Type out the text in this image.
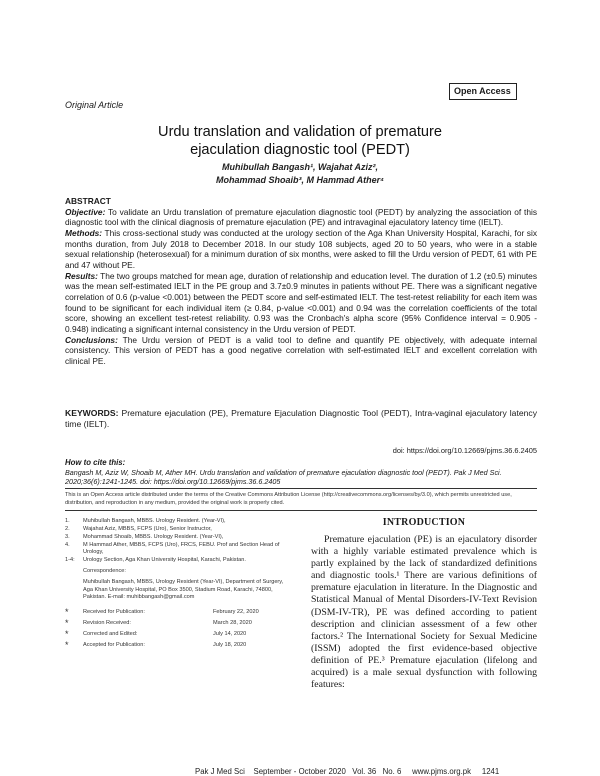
Open Access
Original Article
Urdu translation and validation of premature
ejaculation diagnostic tool (PEDT)
Muhibullah Bangash¹, Wajahat Aziz²,
Mohammad Shoaib³, M Hammad Ather⁴
ABSTRACT

Objective: To validate an Urdu translation of premature ejaculation diagnostic tool (PEDT) by analyzing the association of this diagnostic tool with the clinical diagnosis of premature ejaculation (PE) and intravaginal ejaculatory latency time (IELT).

Methods: This cross-sectional study was conducted at the urology section of the Aga Khan University Hospital, Karachi, for six months duration, from July 2018 to December 2018. In our study 108 subjects, aged 20 to 50 years, who were in a stable sexual relationship (heterosexual) for a minimum duration of six months, were asked to fill the Urdu version of PEDT, 61 with PE and 47 without PE.

Results: The two groups matched for mean age, duration of relationship and education level. The duration of 1.2 (±0.5) minutes was the mean self-estimated IELT in the PE group and 3.7±0.9 minutes in patients without PE. There was a significant negative correlation of 0.6 (p-value <0.001) between the PEDT score and self-estimated IELT. The test-retest reliability for each item was found to be significant for each individual item (≥ 0.84, p-value <0.001) and 0.94 was the correlation coefficients of the total score, showing an excellent test-retest reliability. 0.93 was the Cronbach's alpha score (95% Confidence interval = 0.905 - 0.948) indicating a significant internal consistency in the Urdu version of PEDT.

Conclusions: The Urdu version of PEDT is a valid tool to define and quantify PE objectively, with adequate internal consistency. This version of PEDT has a good negative correlation with self-estimated IELT and excellent correlation with clinical PE.

KEYWORDS: Premature ejaculation (PE), Premature Ejaculation Diagnostic Tool (PEDT), Intra-vaginal ejaculatory latency time (IELT).
doi: https://doi.org/10.12669/pjms.36.6.2405
How to cite this:
Bangash M, Aziz W, Shoaib M, Ather MH. Urdu translation and validation of premature ejaculation diagnostic tool (PEDT). Pak J Med Sci. 2020;36(6):1241-1245. doi: https://doi.org/10.12669/pjms.36.6.2405
This is an Open Access article distributed under the terms of the Creative Commons Attribution License (http://creativecommons.org/licenses/by/3.0), which permits unrestricted use, distribution, and reproduction in any medium, provided the original work is properly cited.
1.	Muhibullah Bangash, MBBS. Urology Resident. (Year-VI),
2.	Wajahat Aziz, MBBS, FCPS (Uro), Senior Instructor,
3.	Mohammad Shoaib, MBBS. Urology Resident. (Year-VI),
4.	M Hammad Ather, MBBS, FCPS (Uro), FRCS, FEBU. Prof and Section Head of Urology,
1-4:	Urology Section, Aga Khan University Hospital, Karachi, Pakistan.
Correspondence:
Muhibullah Bangash, MBBS, Urology Resident (Year-VI), Department of Surgery, Aga Khan University Hospital, PO Box 3500, Stadium Road, Karachi, 74800, Pakistan. E-mail: muhibbangash@gmail.com
*	Received for Publication:	February 22, 2020
*	Revision Received:	March 28, 2020
*	Corrected and Edited:	July 14, 2020
*	Accepted for Publication:	July 18, 2020
INTRODUCTION
Premature ejaculation (PE) is an ejaculatory disorder with a highly variable estimated prevalence which is partly explained by the lack of standardized definitions and diagnostic tools.¹ There are various definitions of premature ejaculation in literature. In the Diagnostic and Statistical Manual of Mental Disorders-IV-Text Revision (DSM-IV-TR), PE was defined according to patient description and clinician assessment of a few other factors.² The International Society for Sexual Medicine (ISSM) adopted the first evidence-based objective definition of PE.³ Premature ejaculation (lifelong and acquired) is a male sexual dysfunction with following features:
Pak J Med Sci    September - October 2020   Vol. 36   No. 6     www.pjms.org.pk     1241
